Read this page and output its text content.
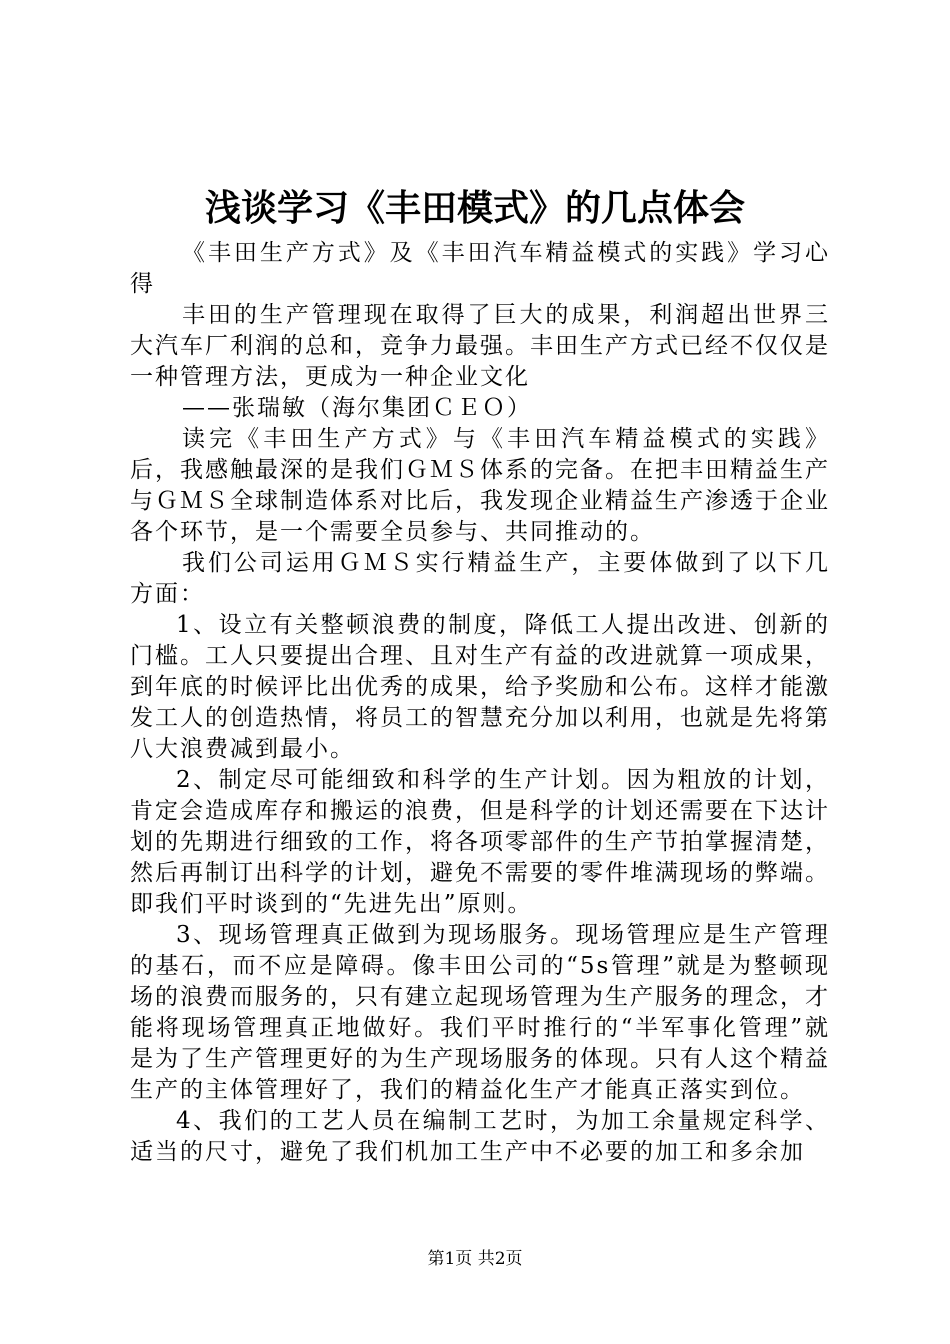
浅谈学习《丰田模式》的几点体会

《丰田生产方式》及《丰田汽车精益模式的实践》学习心得

丰田的生产管理现在取得了巨大的成果，利润超出世界三大汽车厂利润的总和，竞争力最强。丰田生产方式已经不仅仅是一种管理方法，更成为一种企业文化

——张瑞敏（海尔集团ＣＥＯ）

读完《丰田生产方式》与《丰田汽车精益模式的实践》后，我感触最深的是我们ＧＭＳ体系的完备。在把丰田精益生产与ＧＭＳ全球制造体系对比后，我发现企业精益生产渗透于企业各个环节，是一个需要全员参与、共同推动的。

我们公司运用ＧＭＳ实行精益生产，主要体做到了以下几方面：

1、设立有关整顿浪费的制度，降低工人提出改进、创新的门槛。工人只要提出合理、且对生产有益的改进就算一项成果，到年底的时候评比出优秀的成果，给予奖励和公布。这样才能激发工人的创造热情，将员工的智慧充分加以利用，也就是先将第八大浪费减到最小。

2、制定尽可能细致和科学的生产计划。因为粗放的计划，肯定会造成库存和搬运的浪费，但是科学的计划还需要在下达计划的先期进行细致的工作，将各项零部件的生产节拍掌握清楚，然后再制订出科学的计划，避免不需要的零件堆满现场的弊端。即我们平时谈到的“先进先出”原则。

3、现场管理真正做到为现场服务。现场管理应是生产管理的基石，而不应是障碍。像丰田公司的“5s管理”就是为整顿现场的浪费而服务的，只有建立起现场管理为生产服务的理念，才能将现场管理真正地做好。我们平时推行的“半军事化管理”就是为了生产管理更好的为生产现场服务的体现。只有人这个精益生产的主体管理好了，我们的精益化生产才能真正落实到位。

4、我们的工艺人员在编制工艺时，为加工余量规定科学、适当的尺寸，避免了我们机加工生产中不必要的加工和多余加

第1页 共2页
